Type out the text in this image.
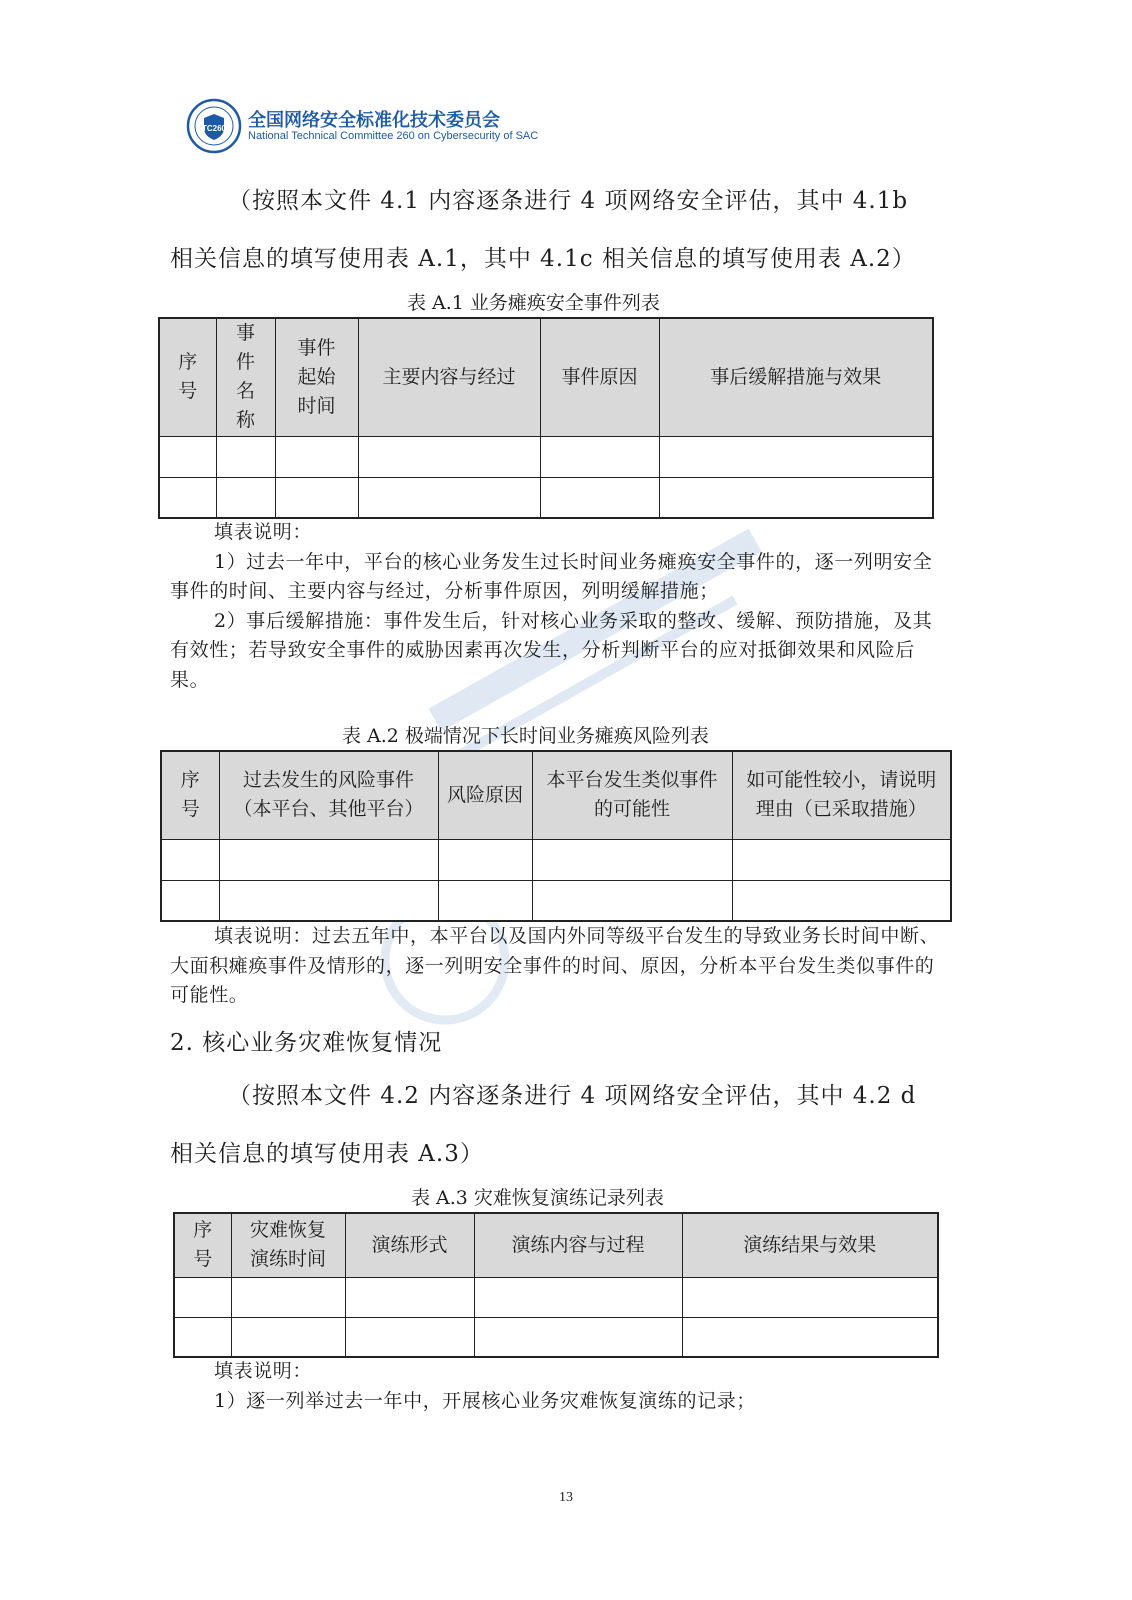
TC260 全国网络安全标准化技术委员会
National Technical Committee 260 on Cybersecurity of SAC
（按照本文件 4.1 内容逐条进行 4 项网络安全评估，其中 4.1b
相关信息的填写使用表 A.1，其中 4.1c 相关信息的填写使用表 A.2）
表 A.1 业务瘫痪安全事件列表
序号	事件名称	事件起始时间	主要内容与经过	事件原因	事后缓解措施与效果

填表说明：

1）过去一年中，平台的核心业务发生过长时间业务瘫痪安全事件的，逐一列明安全事件的时间、主要内容与经过，分析事件原因，列明缓解措施；

2）事后缓解措施：事件发生后，针对核心业务采取的整改、缓解、预防措施，及其有效性；若导致安全事件的威胁因素再次发生，分析判断平台的应对抵御效果和风险后果。

表 A.2 极端情况下长时间业务瘫痪风险列表
序号	过去发生的风险事件（本平台、其他平台）	风险原因	本平台发生类似事件的可能性	如可能性较小，请说明理由（已采取措施）

填表说明：过去五年中，本平台以及国内外同等级平台发生的导致业务长时间中断、大面积瘫痪事件及情形的，逐一列明安全事件的时间、原因，分析本平台发生类似事件的可能性。

2. 核心业务灾难恢复情况
（按照本文件 4.2 内容逐条进行 4 项网络安全评估，其中 4.2 d
相关信息的填写使用表 A.3）
表 A.3 灾难恢复演练记录列表
序号	灾难恢复演练时间	演练形式	演练内容与过程	演练结果与效果

填表说明：

1）逐一列举过去一年中，开展核心业务灾难恢复演练的记录；

13
